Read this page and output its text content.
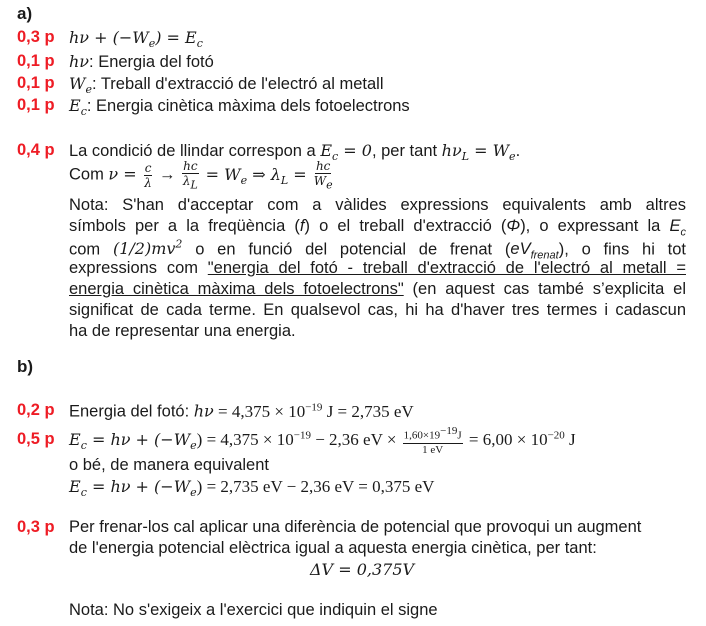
a)
0,3 p $h\nu + (-W_e) = E_c$
0,1 p hν: Energia del fotó
0,1 p $W_e$: Treball d'extracció de l'electró al metall
0,1 p $E_c$: Energia cinètica màxima dels fotoelectrons
0,4 p La condició de llindar correspon a $E_c = 0$, per tant $h\nu_L = W_e$.
Com $\nu = \frac{c}{\lambda} \to \frac{hc}{\lambda_L} = W_e$ ⇒ $\lambda_L = \frac{hc}{W_e}$
Nota: S'han d'acceptar com a vàlides expressions equivalents amb altres
símbols per a la freqüència (f) o el treball d'extracció (Φ), o expressant la $E_c$
com $(1/2)mv^2$ o en funció del potencial de frenat $(eV_{frenat})$, o fins hi tot
expressions com "energia del fotó - treball d'extracció de l'electró al metall =
energia cinètica màxima dels fotoelectrons" (en aquest cas també s’explicita el
significat de cada terme. En qualsevol cas, hi ha d'haver tres termes i cadascun
ha de representar una energia.
b)
0,2 p Energia del fotó: $h\nu = 4,375 \times 10^{-19}$ J = 2,735 eV
0,5 p $E_c = h\nu + (-W_e) = 4,375 \times 10^{-19} - 2,36$ eV × $\frac{1,60\times 19^{-19}J}{1 eV} = 6,00 \times 10^{-20}$ J
o bé, de manera equivalent
$E_c = h\nu + (-W_e) = 2,735$ eV − 2,36 eV = 0,375 eV
0,3 p Per frenar-los cal aplicar una diferència de potencial que provoqui un augment
de l'energia potencial elèctrica igual a aquesta energia cinètica, per tant:
ΔV = 0,375V
Nota: No s'exigeix a l'exercici que indiquin el signe
